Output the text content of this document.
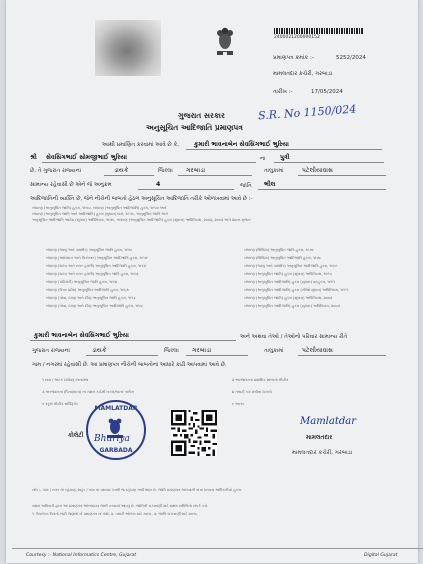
2400021200000152
પ્રમાણપત્ર ક્રમાંક :-	5252/2024
મામલતદાર કચેરી, ગરબાડા
તારીખ :-	17/05/2024
S.R. No 1150/024
ગુજરાત સરકાર
અનુસૂચિત આદિજાતિ પ્રમાણપત્ર
આથી પ્રમાણિત કરવામાં આવે છે કે, કુમારી ભાવનાબેન સેવસિંગભાઈ ભુરિયા
શ્રી સેવસિંગભાઈ સોમજીભાઈ ભુરિયા	ના પુત્રી
છે, તે ગુજરાત રાજ્યના	ડાયકે	જિલ્લા ગરબાડા	તાલુકામાં	પટેલીયાવાસ
સામાન્ય રહેવાસી છે એને જે અનુક્રમ	4	જાતિ ભીલ
આદિજાતિની વ્યક્તિ છે, જેને નીચેની બાબતો હેઠળ અનુસૂચિત આદિજાતિ તરીકે ઓળખવામાં આવે છે :-
બંધારણ (અનુસૂચિત જાતિ) હુકમ, ૧૯૫૦, બંધારણ (અનુસૂચિત આદિજાતિ) હુકમ, ૧૯૫૦ અને
બંધારણ (અનુસૂચિત જાતિ અને આદિજાતિ) હુકમ (સુધારા) ધારો, ૧૯૫૬, અનુસૂચિત જાતિ અને
અનુસૂચિત આદિજાતિ આદેશ (સુધારા) અધિનિયમ, ૧૯૭૬, બંધારણ (અનુસૂચિત આદિજાતિ) હુકમ (સુધારા) અધિનિયમ, ૨૦૦૨, ૨૦૦૩ અને ૨૦૦૬ મુજબ
બંધારણ (જમ્મુ અને કાશ્મીર) અનુસૂચિત જાતિ હુકમ, ૧૯૫૬
બંધારણ (આંદામાન અને નિકોબાર) અનુસૂચિત આદિજાતિ હુકમ, ૧૯૫૯
બંધારણ (દાદરા અને નગર હવેલી) અનુસૂચિત આદિજાતિ હુકમ, ૧૯૬૨
બંધારણ (દાદરા અને નગર હવેલી) અનુસૂચિત જાતિ હુકમ, ૧૯૬૨
બંધારણ (પોંડિચેરી) અનુસૂચિત જાતિ હુકમ, ૧૯૬૪
બંધારણ (ઉત્તર પ્રદેશ) અનુસૂચિત આદિજાતિ હુકમ, ૧૯૬૭
બંધારણ (ગોવા, દમણ અને દીવ) અનુસૂચિત જાતિ હુકમ, ૧૯૬૮
બંધારણ (ગોવા, દમણ અને દીવ) અનુસૂચિત આદિજાતિ હુકમ, ૧૯૬૮
બંધારણ (સિક્કિમ) અનુસૂચિત જાતિ હુકમ, ૧૯૭૮
બંધારણ (સિક્કિમ) અનુસૂચિત આદિજાતિ હુકમ, ૧૯૭૮
બંધારણ (જમ્મુ અને કાશ્મીર) અનુસૂચિત આદિજાતિ હુકમ, ૧૯૮૯
બંધારણ (અનુસૂચિત જાતિ) હુકમ (સુધારા) અધિનિયમ, ૧૯૯૦
બંધારણ (અનુસૂચિત આદિજાતિ) હુકમ (સુધારા) વટહુકમ, ૧૯૯૧
બંધારણ (અનુસૂચિત આદિજાતિ) હુકમ (બીજો સુધારા) અધિનિયમ, ૧૯૯૧
બંધારણ (અનુસૂચિત જાતિ) હુકમ (સુધારા) અધિનિયમ, ૨૦૦૨
બંધારણ (અનુસૂચિત આદિજાતિ) હુકમ (સુધારા) અધિનિયમ, ૨૦૦૩
કુમારી ભાવનાબેન સેવસિંગભાઈ ભુરિયા	અને અથવા તેઓ / તેઓનો પરિવાર સામાન્ય રીતે
ગુજરાત રાજ્યના	ડાયકે	જિલ્લા ગરબાડા	તાલુકામાં	પટેલીયાવાસ
ગામ / નગરમાં રહેવાસી છે. આ પ્રમાણપત્ર નીચેની બાબતોના આધારે કાઢી આપવામાં આવે છે.
૧ નામ / અટક દર્શાવતું દસ્તાવેજ
૩ અરજદારના (પિતા/માતા) ના રાશન કાર્ડની નકલ/જન્મ તારીખ
૫ સ્કૂલ લીવીંગ સર્ટિફિકેટ
૨ અરજદારના પ્રાથમિક શાળાનો લીવીંગ
૪ તલાટી કમ મંત્રીનો દાખલો
૬ અન્ય
MAMLATDAR
GARBADA
કોલેટી Bhuriya
Mamlatdar
મામલતદાર
મામલતદાર કચેરી, ગરબાડા
નોંધ :- ગામ / નગર નો રહેઠાણ, શહેર / ગામ ના વસવાટ પરથી જ રહેઠાણ નક્કી થાય છે. જાતિ પ્રમાણપત્ર આપવાની સત્તા ધરાવતા અધિકારીનો હુકમ.
સક્ષમ અધિકારી દ્વારા આ પ્રમાણપત્ર ઓનલાઇન જારી કરવામાં આવ્યું છે. જાતિની ચકાસણી માટે સક્ષમ સમિતિનો સંપર્ક કરો.
૧. ઉપરોક્ત વિગતો ખોટી જણાશે તો પ્રમાણપત્ર રદ થશે. ૨. તમારી ઓળખ માટે માન્ય. ૩. જાતિ ચકાસણી માટે માન્ય.
Courtesy :- National Informatics Centre, Gujarat	Digital Gujarat
